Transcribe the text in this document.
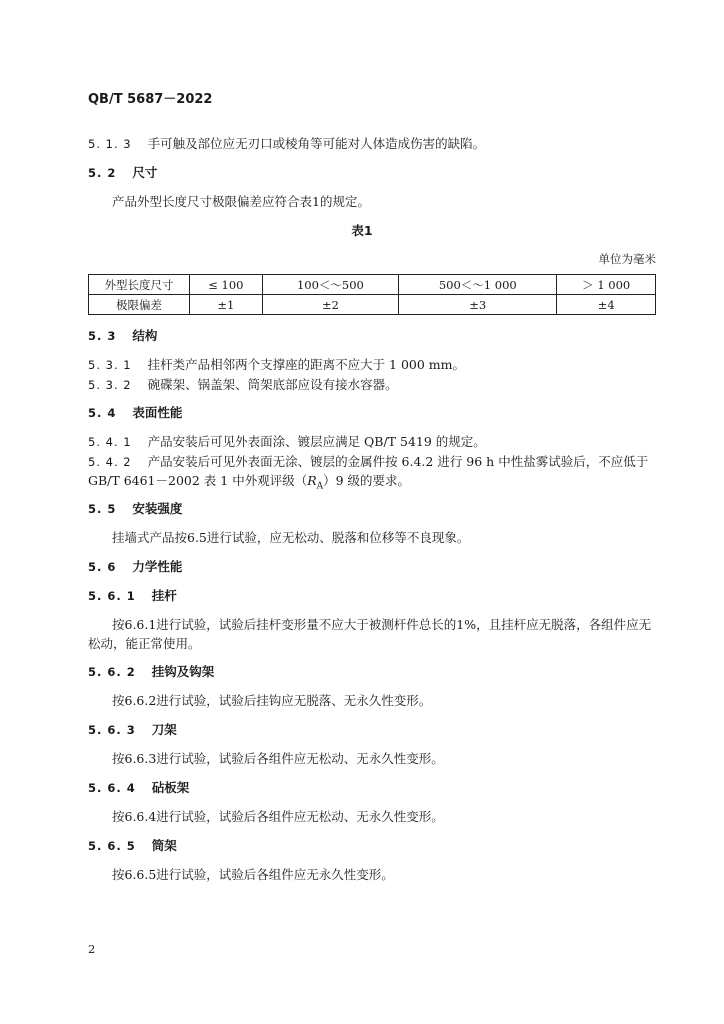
QB/T 5687－2022
5. 1. 3 手可触及部位应无刃口或棱角等可能对人体造成伤害的缺陷。
5. 2 尺寸
产品外型长度尺寸极限偏差应符合表1的规定。
表1
单位为毫米
外型长度尺寸	≤ 100	100＜～500	500＜～1 000	＞ 1 000
极限偏差	±1	±2	±3	±4
5. 3 结构
5. 3. 1 挂杆类产品相邻两个支撑座的距离不应大于 1 000 mm。
5. 3. 2 碗碟架、锅盖架、筒架底部应设有接水容器。
5. 4 表面性能
5. 4. 1 产品安装后可见外表面涂、镀层应满足 QB/T 5419 的规定。
5. 4. 2 产品安装后可见外表面无涂、镀层的金属件按 6.4.2 进行 96 h 中性盐雾试验后，不应低于
GB/T 6461－2002 表 1 中外观评级$(R_A)9$ 级的要求。
5. 5 安装强度
挂墙式产品按6.5进行试验，应无松动、脱落和位移等不良现象。
5. 6 力学性能
5. 6. 1 挂杆
按6.6.1进行试验，试验后挂杆变形量不应大于被测杆件总长的1%，且挂杆应无脱落，各组件应无
松动，能正常使用。
5. 6. 2 挂钩及钩架
按6.6.2进行试验，试验后挂钩应无脱落、无永久性变形。
5. 6. 3 刀架
按6.6.3进行试验，试验后各组件应无松动、无永久性变形。
5. 6. 4 砧板架
按6.6.4进行试验，试验后各组件应无松动、无永久性变形。
5. 6. 5 筒架
按6.6.5进行试验，试验后各组件应无永久性变形。
2
